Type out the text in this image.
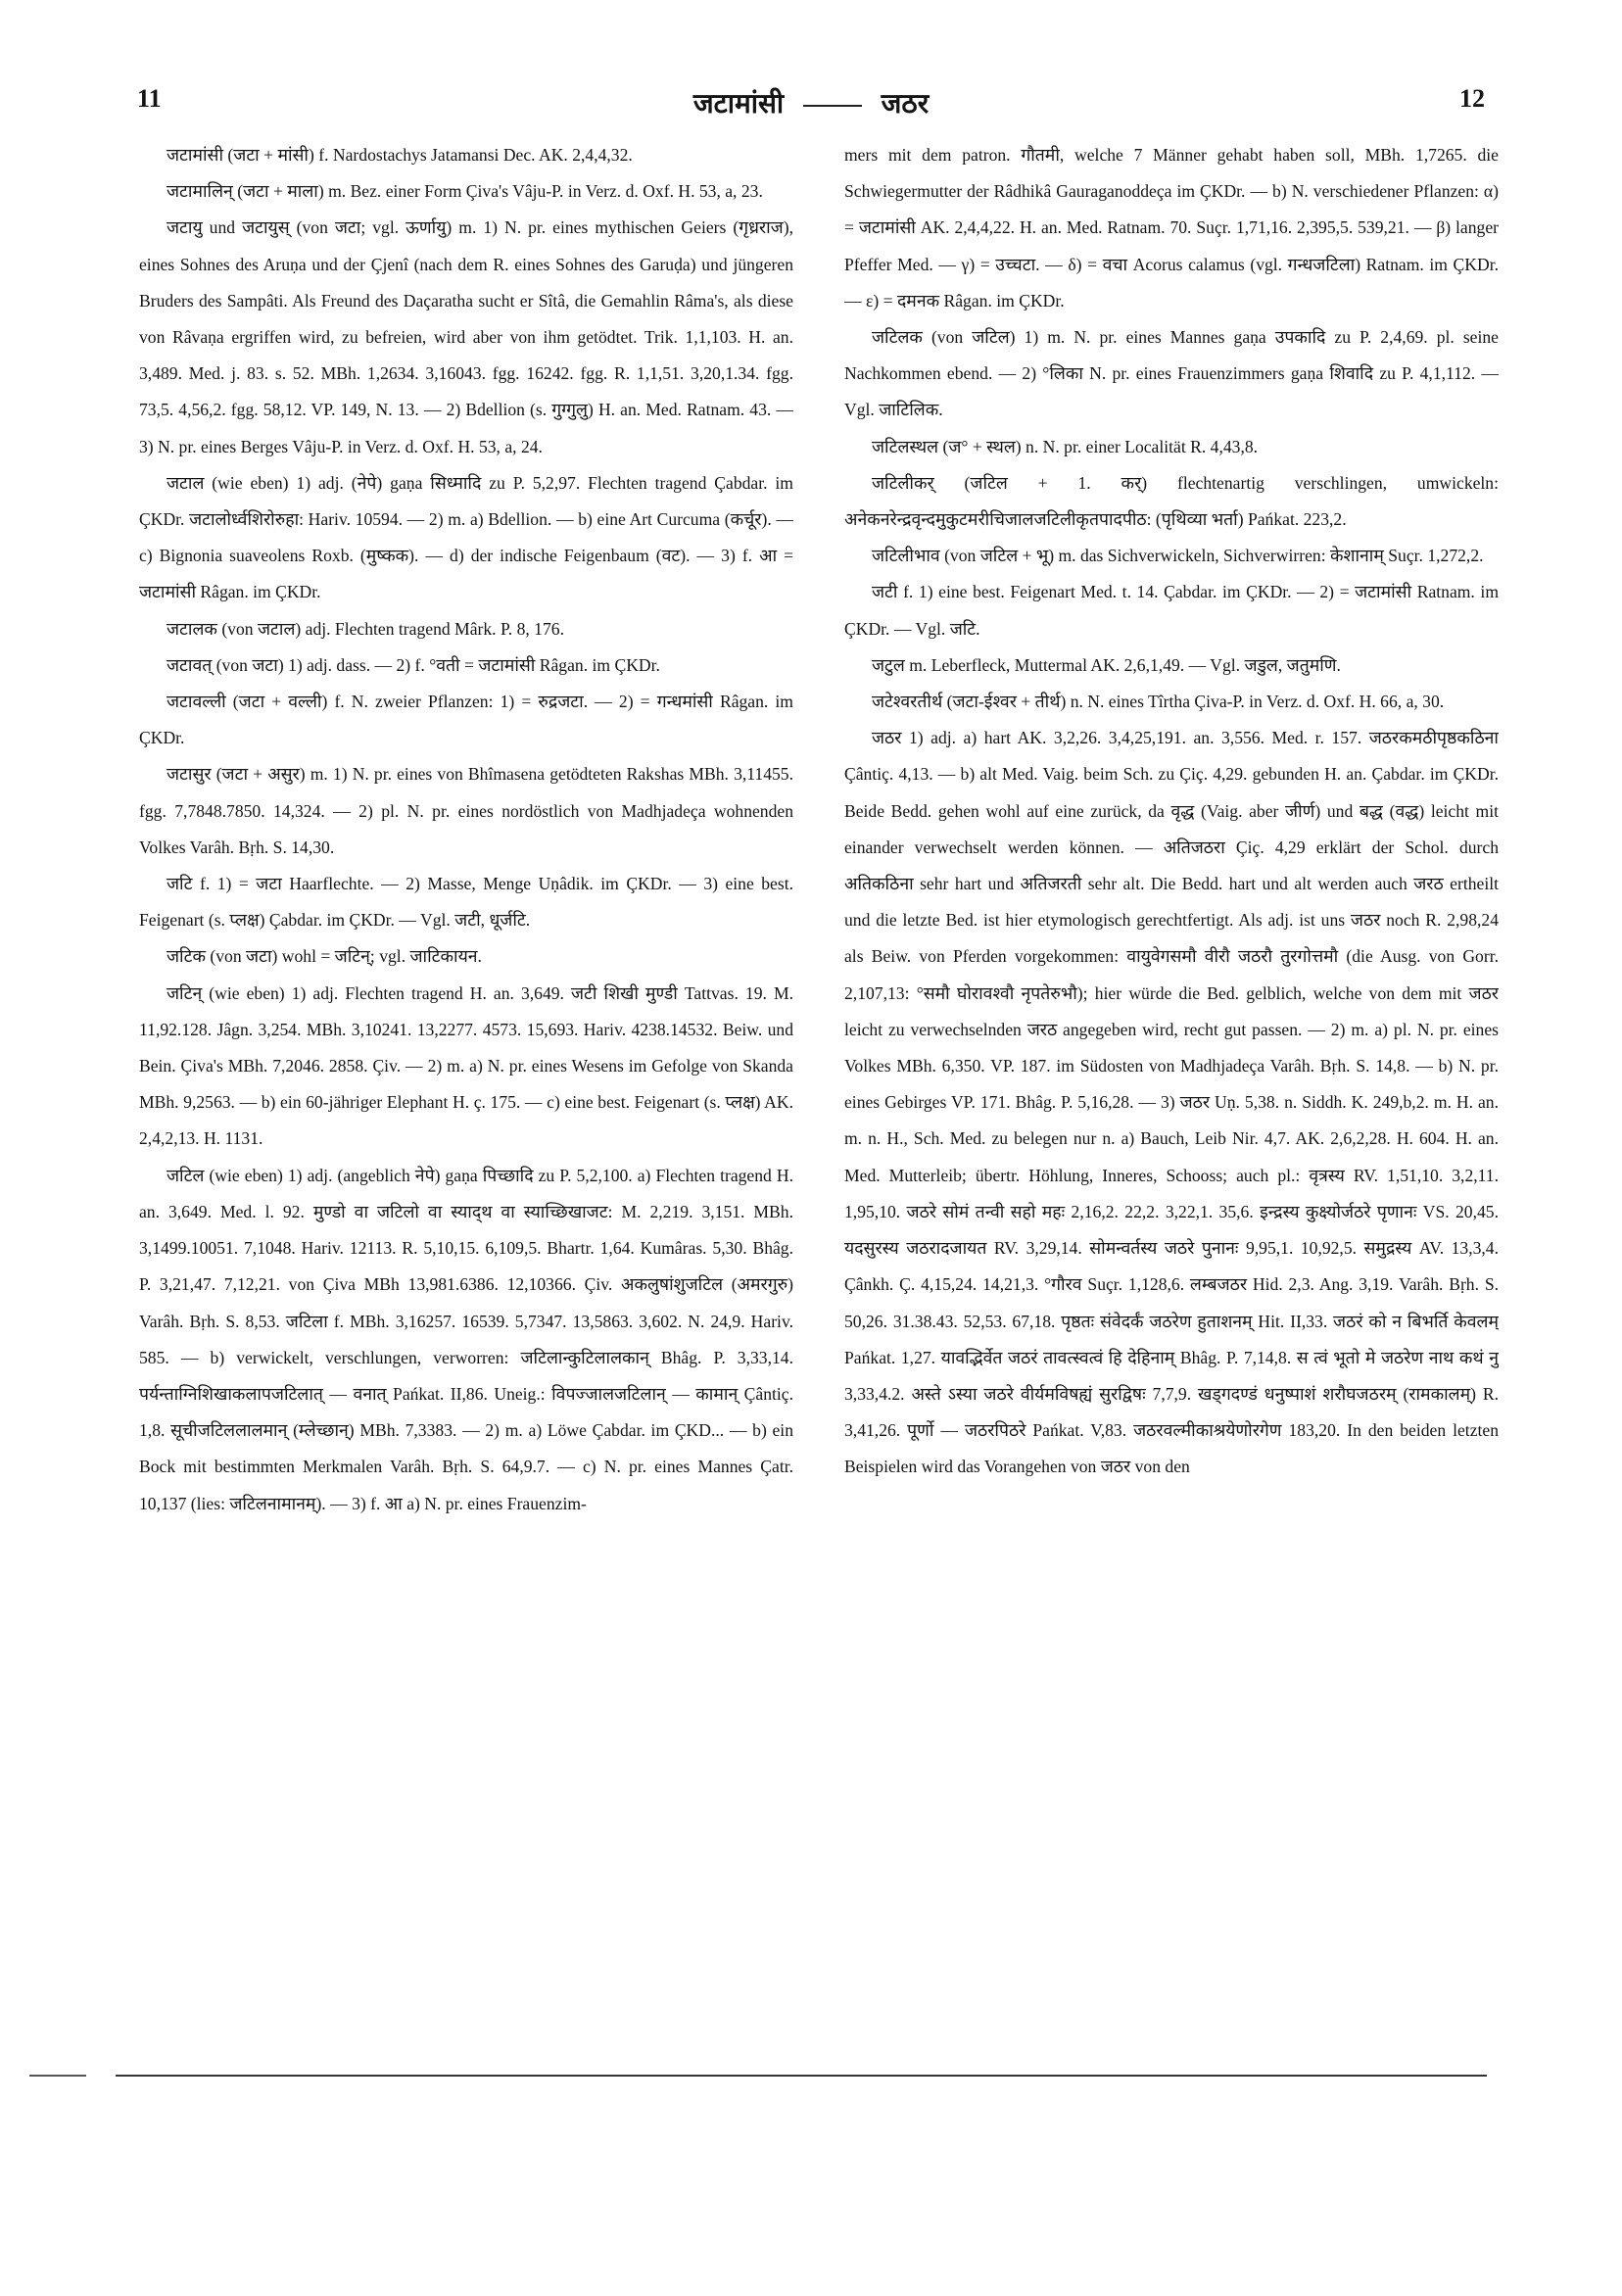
11	जटामांसी	जठर	12

जटामांसी (जटा + मांसी) f. Nardostachys Jatamansi Dec. AK. 2,4,4,32.

जटामालिन् (जटा + माला) m. Bez. einer Form Çiva's Vâju-P. in Verz. d. Oxf. H. 53, a, 23.

जटायु und जटायुस् (von जटा; vgl. ऊर्णायु) m. 1) N. pr. eines mythischen Geiers (गृध्रराज), eines Sohnes des Aruṇa und der Çjenî (nach dem R. eines Sohnes des Garuḍa) und jüngeren Bruders des Sampâti. Als Freund des Daçaratha sucht er Sîtâ, die Gemahlin Râma's, als diese von Râvaṇa ergriffen wird, zu befreien, wird aber von ihm getödtet. Trik. 1,1,103. H. an. 3,489. Med. j. 83. s. 52. MBh. 1,2634. 3,16043. fgg. 16242. fgg. R. 1,1,51. 3,20,1.34. fgg. 73,5. 4,56,2. fgg. 58,12. VP. 149, N. 13. — 2) Bdellion (s. गुग्गुलु) H. an. Med. Ratnam. 43. — 3) N. pr. eines Berges Vâju-P. in Verz. d. Oxf. H. 53, a, 24.

जटाल (wie eben) 1) adj. (नेपे) gaṇa सिध्मादि zu P. 5,2,97. Flechten tragend Çabdar. im ÇKDr. जटालोर्ध्वशिरोरुहा: Hariv. 10594. — 2) m. a) Bdellion. — b) eine Art Curcuma (कर्चूर). — c) Bignonia suaveolens Roxb. (मुष्कक). — d) der indische Feigenbaum (वट). — 3) f. आ = जटामांसी Râgan. im ÇKDr.

जटालक (von जटाल) adj. Flechten tragend Mârk. P. 8, 176.

जटावत् (von जटा) 1) adj. dass. — 2) f. °वती = जटामांसी Râgan. im ÇKDr.

जटावल्ली (जटा + वल्ली) f. N. zweier Pflanzen: 1) = रुद्रजटा. — 2) = गन्धमांसी Râgan. im ÇKDr.

जटासुर (जटा + असुर) m. 1) N. pr. eines von Bhîmasena getödteten Rakshas MBh. 3,11455. fgg. 7,7848.7850. 14,324. — 2) pl. N. pr. eines nordöstlich von Madhjadeça wohnenden Volkes Varâh. Bṛh. S. 14,30.

जटि f. 1) = जटा Haarflechte. — 2) Masse, Menge Uṇâdik. im ÇKDr. — 3) eine best. Feigenart (s. प्लक्ष) Çabdar. im ÇKDr. — Vgl. जटी, धूर्जटि.

जटिक (von जटा) wohl = जटिन्; vgl. जाटिकायन.

जटिन् (wie eben) 1) adj. Flechten tragend H. an. 3,649. जटी शिखी मुण्डी Tattvas. 19. M. 11,92.128. Jâgn. 3,254. MBh. 3,10241. 13,2277. 4573. 15,693. Hariv. 4238.14532. Beiw. und Bein. Çiva's MBh. 7,2046. 2858. Çiv. — 2) m. a) N. pr. eines Wesens im Gefolge von Skanda MBh. 9,2563. — b) ein 60-jähriger Elephant H. ç. 175. — c) eine best. Feigenart (s. प्लक्ष) AK. 2,4,2,13. H. 1131.

जटिल (wie eben) 1) adj. (angeblich नेपे) gaṇa पिच्छादि zu P. 5,2,100. a) Flechten tragend H. an. 3,649. Med. l. 92. मुण्डो वा जटिलो वा स्याद्थ वा स्याच्छिखाजट: M. 2,219. 3,151. MBh. 3,1499.10051. 7,1048. Hariv. 12113. R. 5,10,15. 6,109,5. Bhartr. 1,64. Kumâras. 5,30. Bhâg. P. 3,21,47. 7,12,21. von Çiva MBh 13,981.6386. 12,10366. Çiv. अकलुषांशुजटिल (अमरगुरु) Varâh. Bṛh. S. 8,53. जटिला f. MBh. 3,16257. 16539. 5,7347. 13,5863. 3,602. N. 24,9. Hariv. 585. — b) verwickelt, verschlungen, verworren: जटिलान्कुटिलालकान् Bhâg. P. 3,33,14. पर्यन्ताग्निशिखाकलापजटिलात् — वनात् Pańkat. II,86. Uneig.: विपज्जालजटिलान् — कामान् Çântiç. 1,8. सूचीजटिललालमान् (म्लेच्छान्) MBh. 7,3383. — 2) m. a) Löwe Çabdar. im ÇKD... — b) ein Bock mit bestimmten Merkmalen Varâh. Bṛh. S. 64,9.7. — c) N. pr. eines Mannes Çatr. 10,137 (lies: जटिलनामानम्). — 3) f. आ a) N. pr. eines Frauenzim-

mers mit dem patron. गौतमी, welche 7 Männer gehabt haben soll, MBh. 1,7265. die Schwiegermutter der Râdhikâ Gauraganoddeça im ÇKDr. — b) N. verschiedener Pflanzen: α) = जटामांसी AK. 2,4,4,22. H. an. Med. Ratnam. 70. Suçr. 1,71,16. 2,395,5. 539,21. — β) langer Pfeffer Med. — γ) = उच्चटा. — δ) = वचा Acorus calamus (vgl. गन्धजटिला) Ratnam. im ÇKDr. — ε) = दमनक Râgan. im ÇKDr.

जटिलक (von जटिल) 1) m. N. pr. eines Mannes gaṇa उपकादि zu P. 2,4,69. pl. seine Nachkommen ebend. — 2) °लिका N. pr. eines Frauenzimmers gaṇa शिवादि zu P. 4,1,112. — Vgl. जाटिलिक.

जटिलस्थल (ज° + स्थल) n. N. pr. einer Localität R. 4,43,8.

जटिलीकर् (जटिल + 1. कर्) flechtenartig verschlingen, umwickeln: अनेकनरेन्द्रवृन्दमुकुटमरीचिजालजटिलीकृतपादपीठ: (पृथिव्या भर्ता) Pańkat. 223,2.

जटिलीभाव (von जटिल + भू) m. das Sichverwickeln, Sichverwirren: केशानाम् Suçr. 1,272,2.

जटी f. 1) eine best. Feigenart Med. t. 14. Çabdar. im ÇKDr. — 2) = जटामांसी Ratnam. im ÇKDr. — Vgl. जटि.

जटुल m. Leberfleck, Muttermal AK. 2,6,1,49. — Vgl. जडुल, जतुमणि.

जटेश्वरतीर्थ (जटा-ईश्वर + तीर्थ) n. N. eines Tîrtha Çiva-P. in Verz. d. Oxf. H. 66, a, 30.

जठर 1) adj. a) hart AK. 3,2,26. 3,4,25,191. an. 3,556. Med. r. 157. जठरकमठीपृष्ठकठिना Çântiç. 4,13. — b) alt Med. Vaig. beim Sch. zu Çiç. 4,29. gebunden H. an. Çabdar. im ÇKDr. Beide Bedd. gehen wohl auf eine zurück, da वृद्ध (Vaig. aber जीर्ण) und बद्ध (वद्ध) leicht mit einander verwechselt werden können. — अतिजठरा Çiç. 4,29 erklärt der Schol. durch अतिकठिना sehr hart und अतिजरती sehr alt. Die Bedd. hart und alt werden auch जरठ ertheilt und die letzte Bed. ist hier etymologisch gerechtfertigt. Als adj. ist uns जठर noch R. 2,98,24 als Beiw. von Pferden vorgekommen: वायुवेगसमौ वीरौ जठरौ तुरगोत्तमौ (die Ausg. von Gorr. 2,107,13: °समौ घोरावश्वौ नृपतेरुभौ); hier würde die Bed. gelblich, welche von dem mit जठर leicht zu verwechselnden जरठ angegeben wird, recht gut passen. — 2) m. a) pl. N. pr. eines Volkes MBh. 6,350. VP. 187. im Südosten von Madhjadeça Varâh. Bṛh. S. 14,8. — b) N. pr. eines Gebirges VP. 171. Bhâg. P. 5,16,28. — 3) जठर Uṇ. 5,38. n. Siddh. K. 249,b,2. m. H. an. m. n. H., Sch. Med. zu belegen nur n. a) Bauch, Leib Nir. 4,7. AK. 2,6,2,28. H. 604. H. an. Med. Mutterleib; übertr. Höhlung, Inneres, Schooss; auch pl.: वृत्रस्य RV. 1,51,10. 3,2,11. 1,95,10. जठरे सोमं तन्वी सहो महः 2,16,2. 22,2. 3,22,1. 35,6. इन्द्रस्य कुक्ष्योर्जठरे पृणानः VS. 20,45. यदसुरस्य जठरादजायत RV. 3,29,14. सोमन्वर्तस्य जठरे पुनानः 9,95,1. 10,92,5. समुद्रस्य AV. 13,3,4. Çânkh. Ç. 4,15,24. 14,21,3. °गौरव Suçr. 1,128,6. लम्बजठर Hid. 2,3. Ang. 3,19. Varâh. Bṛh. S. 50,26. 31.38.43. 52,53. 67,18. पृष्ठतः संवेदर्कं जठरेण हुताशनम् Hit. II,33. जठरं को न बिभर्ति केवलम् Pańkat. 1,27. यावद्भिर्वेत जठरं तावत्स्वत्वं हि देहिनाम् Bhâg. P. 7,14,8. स त्वं भूतो मे जठरेण नाथ कथं नु 3,33,4.2. अस्ते ऽस्या जठरे वीर्यमविषह्यं सुरद्विषः 7,7,9. खड्गदण्डं धनुष्पाशं शरौघजठरम् (रामकालम्) R. 3,41,26. पूर्णो — जठरपिठरे Pańkat. V,83. जठरवल्मीकाश्रयेणोरगेण 183,20. In den beiden letzten Beispielen wird das Vorangehen von जठर von den
